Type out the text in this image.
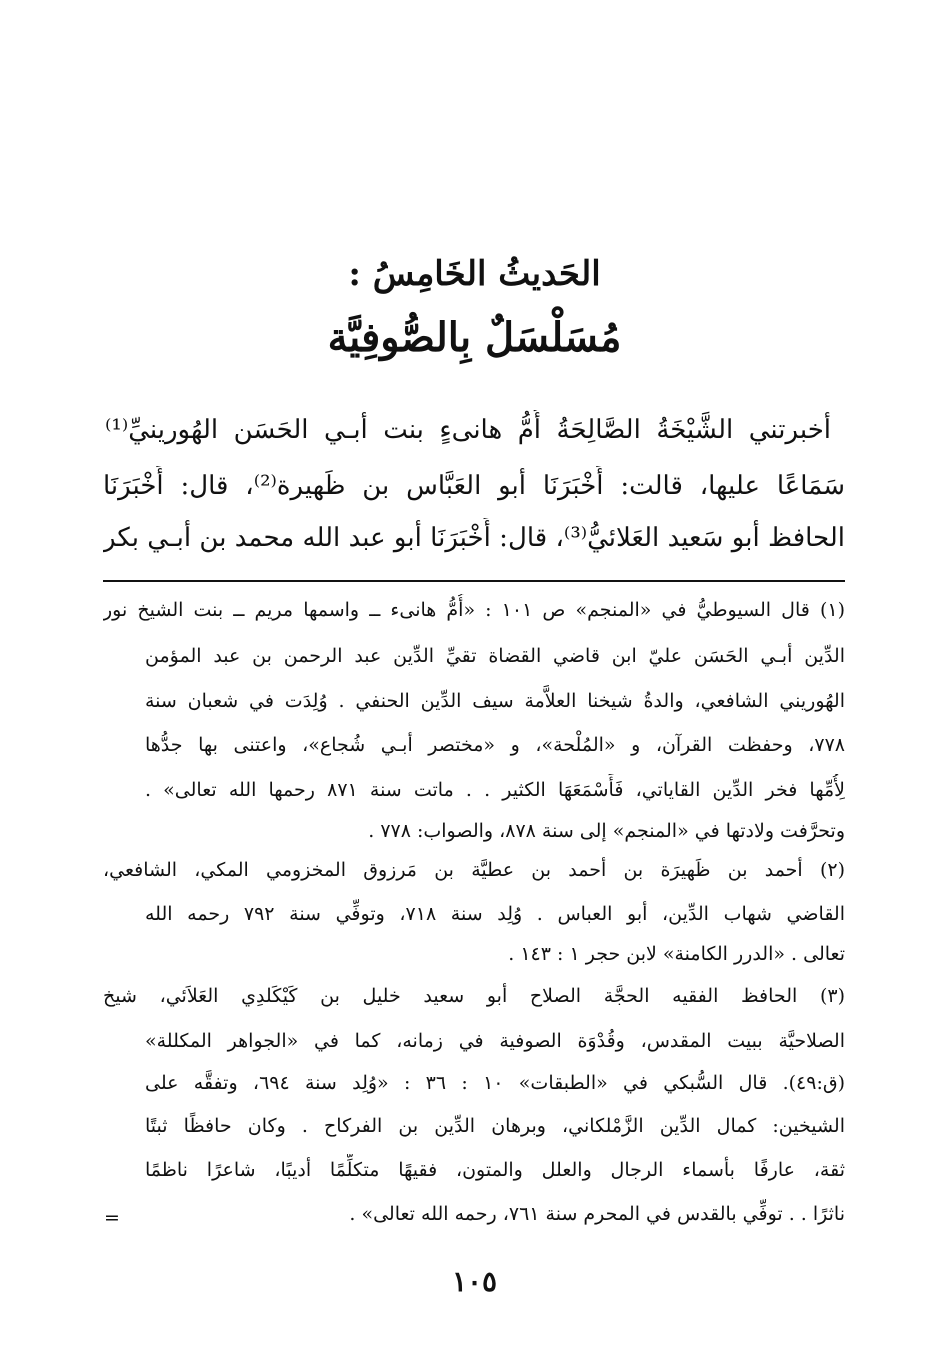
الحَديثُ الخَامِسُ :
مُسَلْسَلٌ بِالصُّوفِيَّة
أخبرتني الشَّيْخَةُ الصَّالِحَةُ أُمُّ هانىءٍ بنت أبـي الحَسَن الهُورينيِّ⁽¹⁾
سَمَاعًا عليها، قالت: أَخْبَرَنَا أبو العَبَّاس بن ظَهيرة⁽²⁾، قال: أَخْبَرَنَا
الحافظ أبو سَعيد العَلائيُّ⁽³⁾، قال: أَخْبَرَنَا أبو عبد الله محمد بن أبـي بكر
(١) قال السيوطيُّ في «المنجم» ص ١٠١ : «أُمُّ هانىء ــ واسمها مريم ــ بنت الشيخ نور
الدِّين أبـي الحَسَن عليّ ابن قاضي القضاة تقيِّ الدِّين عبد الرحمن بن عبد المؤمن
الهُوريني الشافعي، والدةُ شيخنا العلاَّمة سيف الدِّين الحنفي . وُلِدَت في شعبان سنة
٧٧٨، وحفظت القرآن، و «المُلْحة»، و «مختصر أبـي شُجاع»، واعتنى بها جدُّها
لِأُمِّها فخر الدِّين القاياتي، فَأَسْمَعَهَا الكثير . . ماتت سنة ٨٧١ رحمها الله تعالى» .
وتحرَّفت ولادتها في «المنجم» إلى سنة ٨٧٨، والصواب: ٧٧٨ .
(٢) أحمد بن ظَهيرَة بن أحمد بن عطيَّة بن مَرزوق المخزومي المكي، الشافعي،
القاضي شهاب الدِّين، أبو العباس . وُلِد سنة ٧١٨، وتوفِّي سنة ٧٩٢ رحمه الله
تعالى . «الدرر الكامنة» لابن حجر ١ : ١٤٣ .
(٣) الحافظ الفقيه الحجَّة الصلاح أبو سعيد خليل بن كَيْكَلدِي العَلاَئي، شيخ
الصلاحيَّة ببيت المقدس، وقُدْوَة الصوفية في زمانه، كما في «الجواهر المكللة»
(ق:٤٩). قال السُّبكي في «الطبقات» ١٠ : ٣٦ : «وُلِد سنة ٦٩٤، وتفقَّه على
الشيخين: كمال الدِّين الزَّمْلكاني، وبرهان الدِّين بن الفركاح . وكان حافظًا ثبتًا
ثقة، عارفًا بأسماء الرجال والعلل والمتون، فقيهًا متكلِّمًا أديبًا، شاعرًا ناظمًا
ناثرًا . . توفِّي بالقدس في المحرم سنة ٧٦١، رحمه الله تعالى» .
=
١٠٥
